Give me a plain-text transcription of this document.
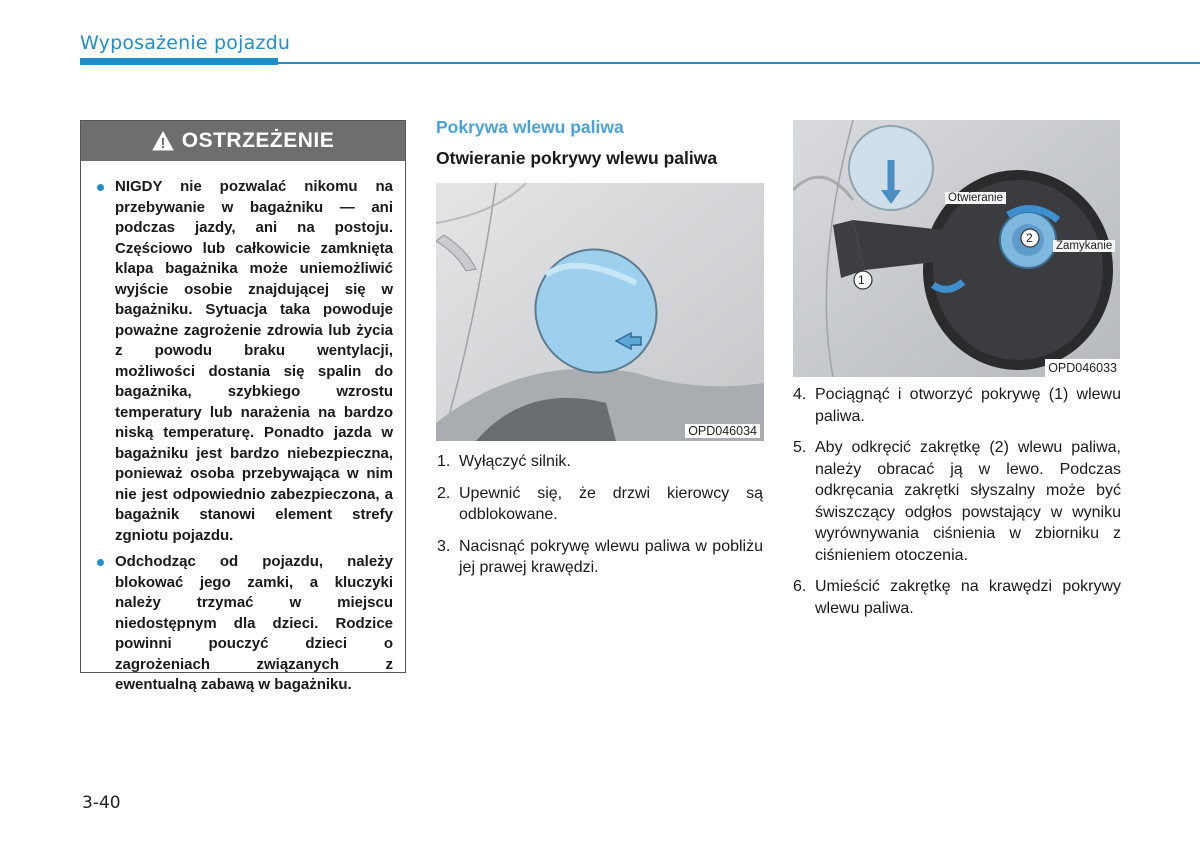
Wyposażenie pojazdu
OSTRZEŻENIE
NIGDY nie pozwalać nikomu na przebywanie w bagażniku — ani podczas jazdy, ani na postoju. Częściowo lub całkowicie zamknięta klapa bagażnika może uniemożliwić wyjście osobie znajdującej się w bagażniku. Sytuacja taka powoduje poważne zagrożenie zdrowia lub życia z powodu braku wentylacji, możliwości dostania się spalin do bagażnika, szybkiego wzrostu temperatury lub narażenia na bardzo niską temperaturę. Ponadto jazda w bagażniku jest bardzo niebezpieczna, ponieważ osoba przebywająca w nim nie jest odpowiednio zabezpieczona, a bagażnik stanowi element strefy zgniotu pojazdu.
Odchodząc od pojazdu, należy blokować jego zamki, a kluczyki należy trzymać w miejscu niedostępnym dla dzieci. Rodzice powinni pouczyć dzieci o zagrożeniach związanych z ewentualną zabawą w bagażniku.
Pokrywa wlewu paliwa
Otwieranie pokrywy wlewu paliwa
OPD046034
1. Wyłączyć silnik.
2. Upewnić się, że drzwi kierowcy są odblokowane.
3. Nacisnąć pokrywę wlewu paliwa w pobliżu jej prawej krawędzi.
1
2
Otwieranie
Zamykanie
OPD046033
4. Pociągnąć i otworzyć pokrywę (1) wlewu paliwa.
5. Aby odkręcić zakrętkę (2) wlewu paliwa, należy obracać ją w lewo. Podczas odkręcania zakrętki słyszalny może być świszczący odgłos powstający w wyniku wyrównywania ciśnienia w zbiorniku z ciśnieniem otoczenia.
6. Umieścić zakrętkę na krawędzi pokrywy wlewu paliwa.
3-40
